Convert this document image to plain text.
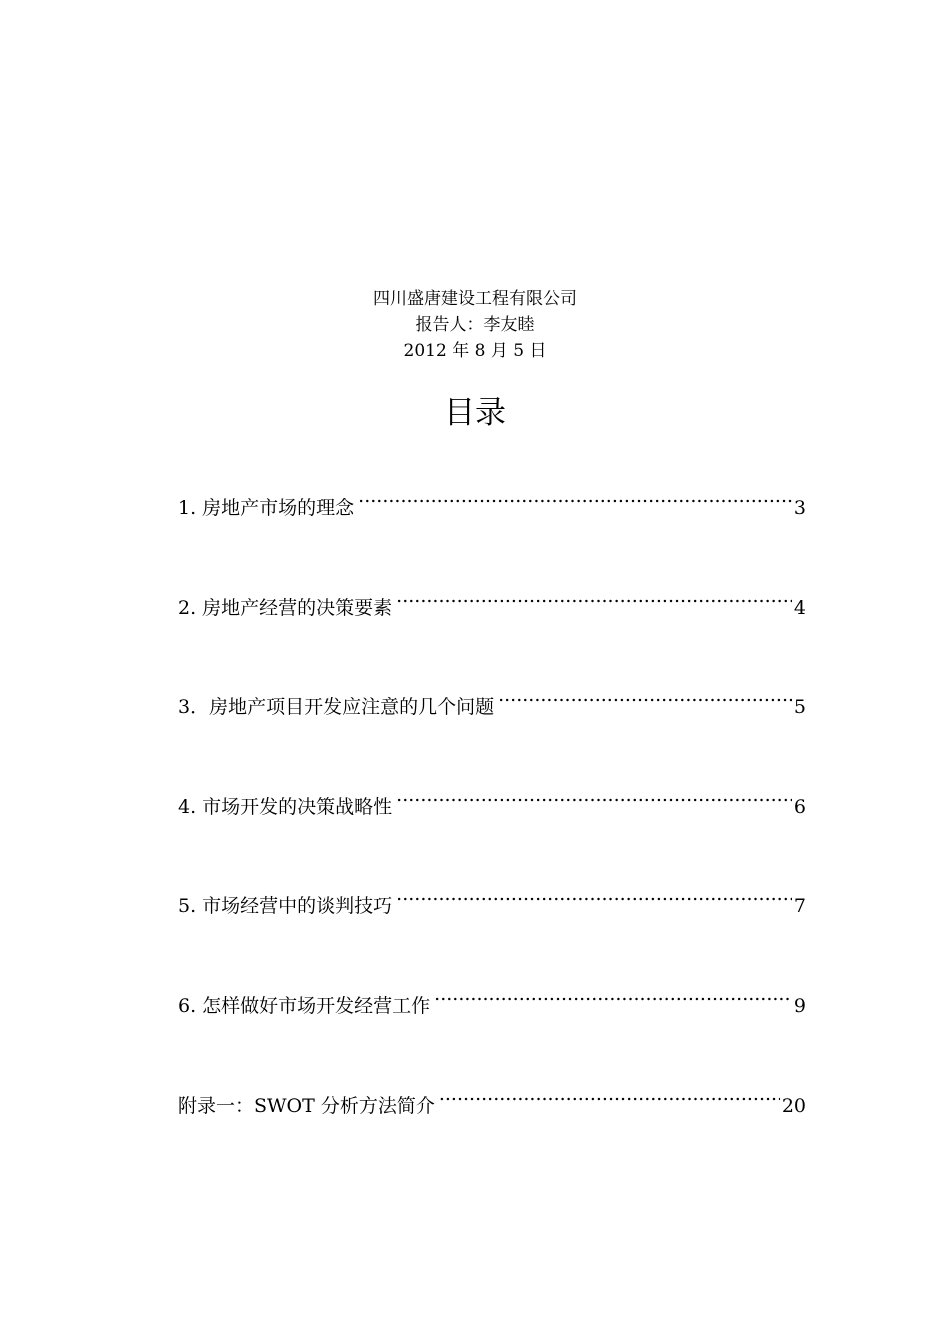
四川盛唐建设工程有限公司
报告人：李友睦
2012 年 8 月 5 日
目录
1. 房地产市场的理念 .....	3
2. 房地产经营的决策要素 .....	4
3．房地产项目开发应注意的几个问题 .....	5
4. 市场开发的决策战略性 .....	6
5. 市场经营中的谈判技巧 .....	7
6. 怎样做好市场开发经营工作 .....	9
附录一：SWOT 分析方法简介 .....	20
